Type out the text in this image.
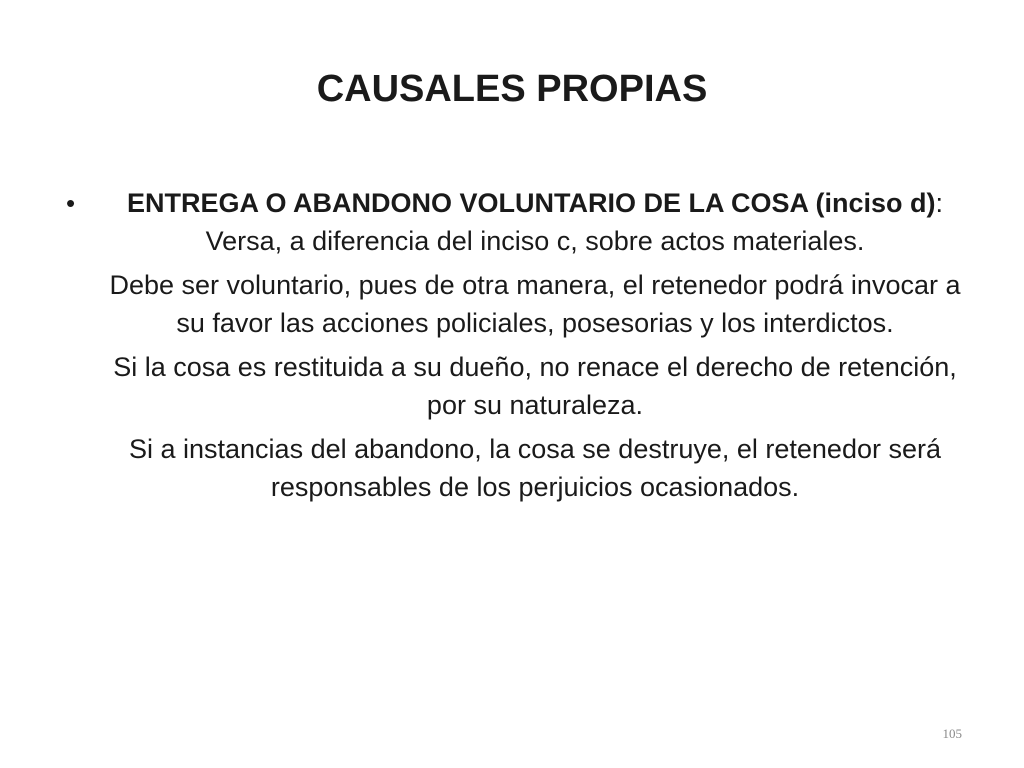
CAUSALES PROPIAS
• ENTREGA O ABANDONO VOLUNTARIO DE LA COSA (inciso d): Versa, a diferencia del inciso c, sobre actos materiales.
Debe ser voluntario, pues de otra manera, el retenedor podrá invocar a su favor las acciones policiales, posesorias y los interdictos.
Si la cosa es restituida a su dueño, no renace el derecho de retención, por su naturaleza.
Si a instancias del abandono, la cosa se destruye, el retenedor será responsables de los perjuicios ocasionados.
105
